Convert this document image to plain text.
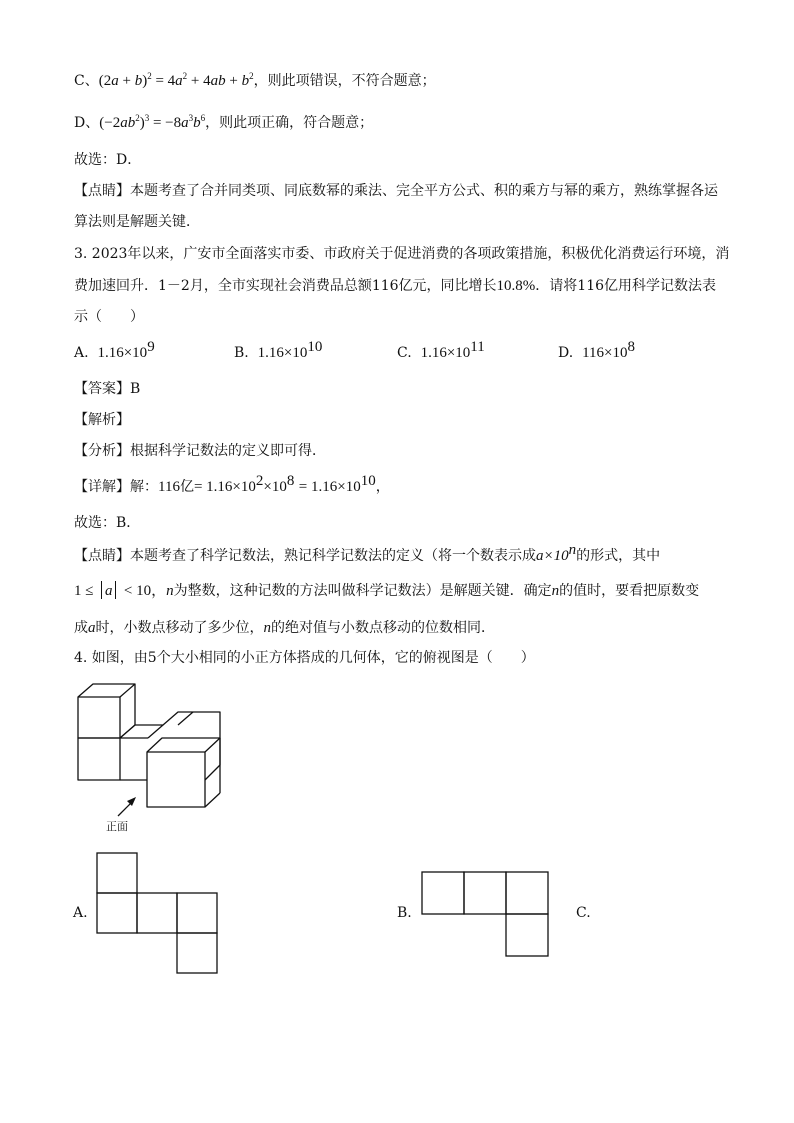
C、$(2a + b)^2 = 4a^2 + 4ab + b^2$，则此项错误，不符合题意；
D、$(-2ab^2)^3 = -8a^3b^6$，则此项正确，符合题意；
故选：D．
【点睛】本题考查了合并同类项、同底数幂的乘法、完全平方公式、积的乘方与幂的乘方，熟练掌握各运
算法则是解题关键．
3. 2023年以来，广安市全面落实市委、市政府关于促进消费的各项政策措施，积极优化消费运行环境，消
费加速回升．1－2月，全市实现社会消费品总额116亿元，同比增长10.8%．请将116亿用科学记数法表
示（　　）
A. $1.16\times 10^9$	B. $1.16\times 10^{10}$	C. $1.16\times 10^{11}$	D. $116\times 10^8$
【答案】B
【解析】
【分析】根据科学记数法的定义即可得．
【详解】解：116亿= $1.16\times 10^2\times 10^8 = 1.16\times 10^{10}$，
故选：B．
【点睛】本题考查了科学记数法，熟记科学记数法的定义（将一个数表示成$a\times 10^n$的形式，其中
1 ≤ a < 10，n为整数，这种记数的方法叫做科学记数法）是解题关键．确定n的值时，要看把原数变
成a时，小数点移动了多少位，n的绝对值与小数点移动的位数相同．
4. 如图，由5个大小相同的小正方体搭成的几何体，它的俯视图是（　　）
正面
A.	B.	C.
